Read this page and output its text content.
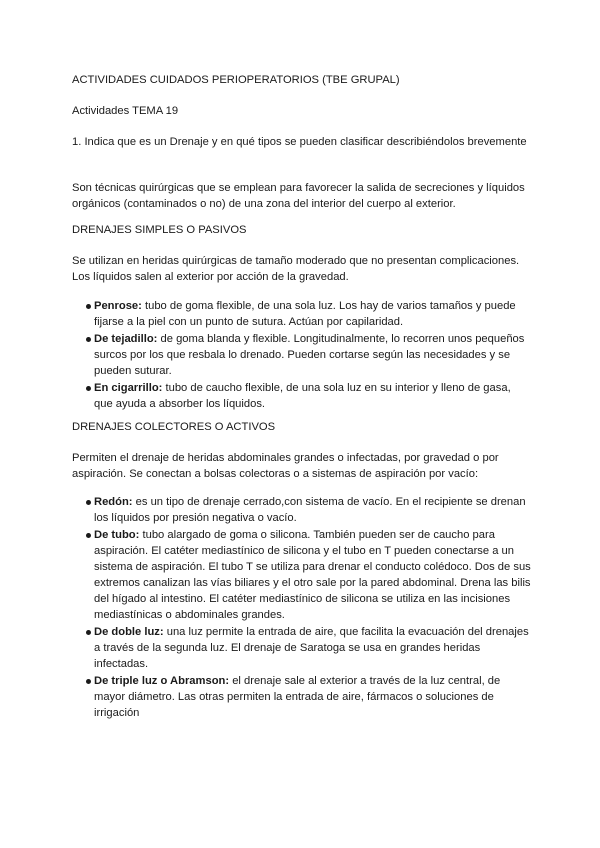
ACTIVIDADES CUIDADOS PERIOPERATORIOS (TBE GRUPAL)

Actividades TEMA 19

1. Indica que es un Drenaje y en qué tipos se pueden clasificar describiéndolos brevemente

Son técnicas quirúrgicas que se emplean para favorecer la salida de secreciones y líquidos orgánicos (contaminados o no) de una zona del interior del cuerpo al exterior.

DRENAJES SIMPLES O PASIVOS

Se utilizan en heridas quirúrgicas de tamaño moderado que no presentan complicaciones. Los líquidos salen al exterior por acción de la gravedad.

Penrose: tubo de goma flexible, de una sola luz. Los hay de varios tamaños y puede fijarse a la piel con un punto de sutura. Actúan por capilaridad.
De tejadillo: de goma blanda y flexible. Longitudinalmente, lo recorren unos pequeños surcos por los que resbala lo drenado. Pueden cortarse según las necesidades y se pueden suturar.
En cigarrillo: tubo de caucho flexible, de una sola luz en su interior y lleno de gasa, que ayuda a absorber los líquidos.

DRENAJES COLECTORES O ACTIVOS

Permiten el drenaje de heridas abdominales grandes o infectadas, por gravedad o por aspiración. Se conectan a bolsas colectoras o a sistemas de aspiración por vacío:

Redón: es un tipo de drenaje cerrado,con sistema de vacío. En el recipiente se drenan los líquidos por presión negativa o vacío.
De tubo: tubo alargado de goma o silicona. También pueden ser de caucho para aspiración. El catéter mediastínico de silicona y el tubo en T pueden conectarse a un sistema de aspiración. El tubo T se utiliza para drenar el conducto colédoco. Dos de sus extremos canalizan las vías biliares y el otro sale por la pared abdominal. Drena las bilis del hígado al intestino. El catéter mediastínico de silicona se utiliza en las incisiones mediastínicas o abdominales grandes.
De doble luz: una luz permite la entrada de aire, que facilita la evacuación del drenajes a través de la segunda luz. El drenaje de Saratoga se usa en grandes heridas infectadas.
De triple luz o Abramson: el drenaje sale al exterior a través de la luz central, de mayor diámetro. Las otras permiten la entrada de aire, fármacos o soluciones de irrigación
